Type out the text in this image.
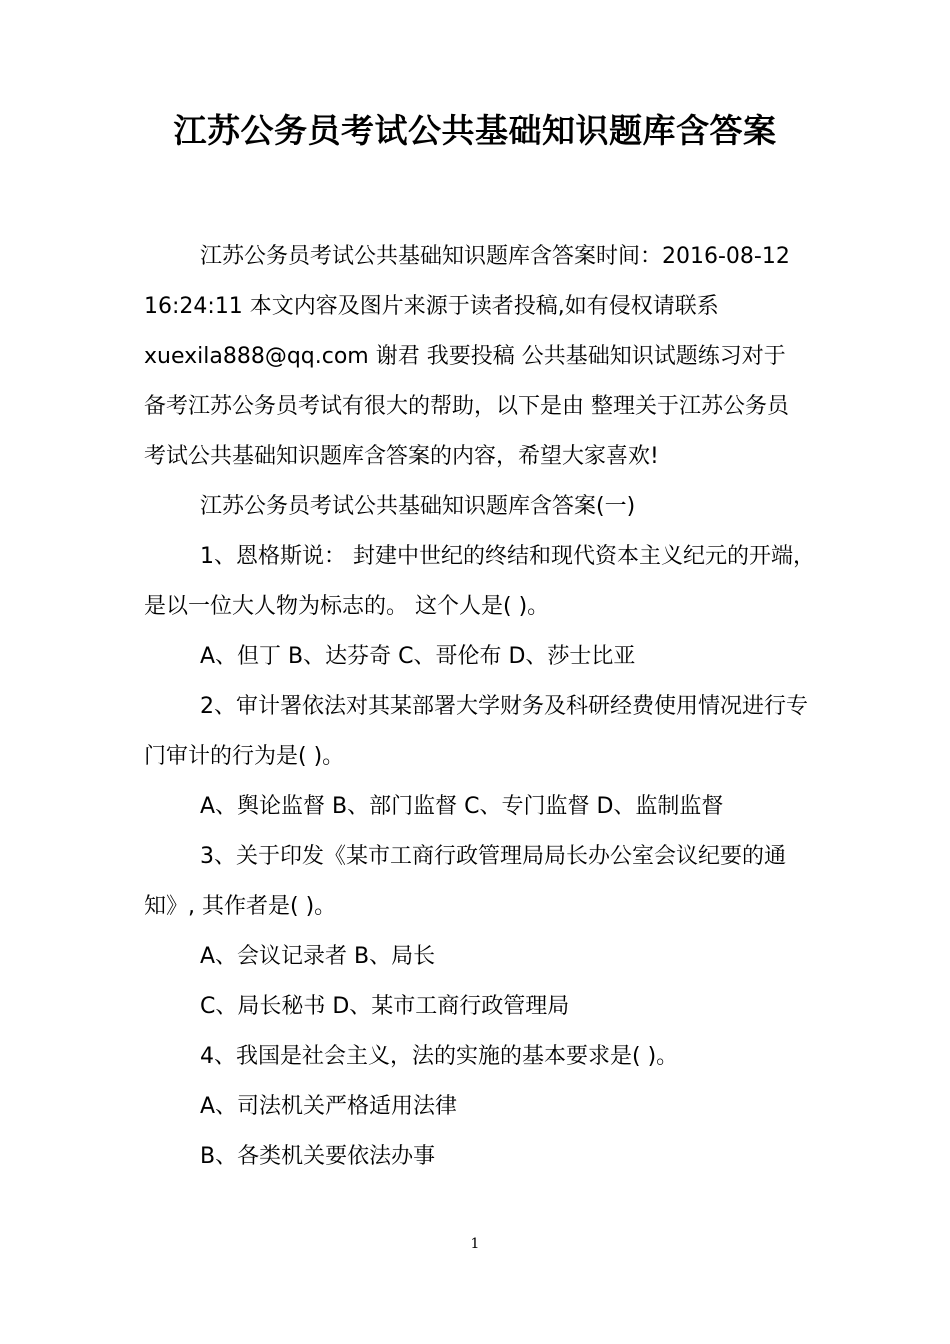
江苏公务员考试公共基础知识题库含答案
江苏公务员考试公共基础知识题库含答案时间：2016-08-12
16:24:11 本文内容及图片来源于读者投稿,如有侵权请联系
xuexila888@qq.com 谢君 我要投稿 公共基础知识试题练习对于
备考江苏公务员考试有很大的帮助，以下是由 整理关于江苏公务员
考试公共基础知识题库含答案的内容，希望大家喜欢!
江苏公务员考试公共基础知识题库含答案(一)
1、恩格斯说： 封建中世纪的终结和现代资本主义纪元的开端，
是以一位大人物为标志的。 这个人是( )。
A、但丁 B、达芬奇 C、哥伦布 D、莎士比亚
2、审计署依法对其某部署大学财务及科研经费使用情况进行专
门审计的行为是( )。
A、舆论监督 B、部门监督 C、专门监督 D、监制监督
3、关于印发《某市工商行政管理局局长办公室会议纪要的通
知》, 其作者是( )。
A、会议记录者 B、局长
C、局长秘书 D、某市工商行政管理局
4、我国是社会主义，法的实施的基本要求是( )。
A、司法机关严格适用法律
B、各类机关要依法办事
1
